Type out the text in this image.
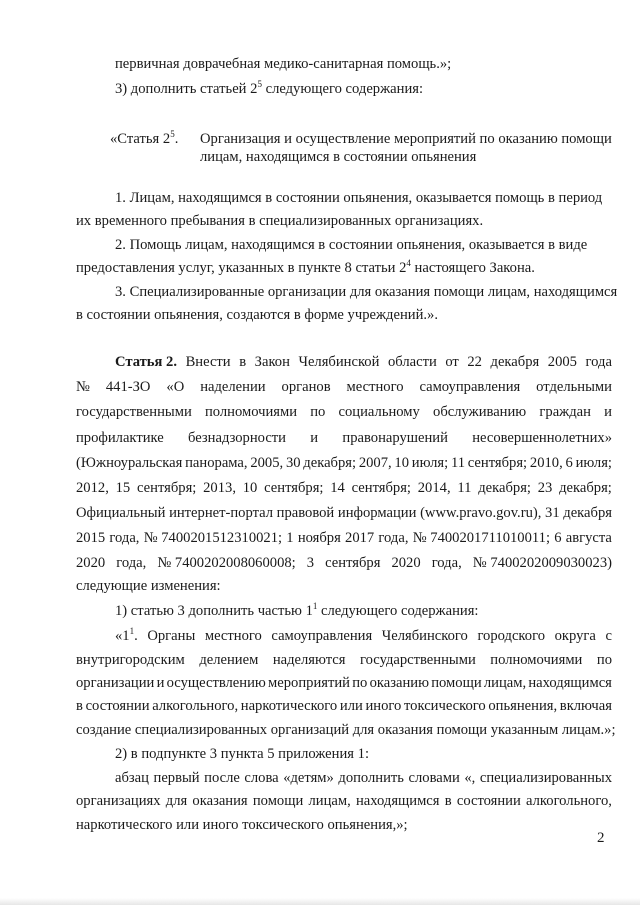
первичная доврачебная медико-санитарная помощь.»;
3) дополнить статьей $2^5$ следующего содержания:
«Статья $2^5$. Организация и осуществление мероприятий по оказанию помощи
лицам, находящимся в состоянии опьянения
1. Лицам, находящимся в состоянии опьянения, оказывается помощь в период
их временного пребывания в специализированных организациях.
2. Помощь лицам, находящимся в состоянии опьянения, оказывается в виде
предоставления услуг, указанных в пункте 8 статьи $2^4$ настоящего Закона.
3. Специализированные организации для оказания помощи лицам, находящимся
в состоянии опьянения, создаются в форме учреждений.».
Статья 2. Внести в Закон Челябинской области от 22 декабря 2005 года
№ 441-ЗО «О наделении органов местного самоуправления отдельными
государственными полномочиями по социальному обслуживанию граждан и
профилактике безнадзорности и правонарушений несовершеннолетних»
(Южноуральская панорама, 2005, 30 декабря; 2007, 10 июля; 11 сентября; 2010, 6 июля;
2012, 15 сентября; 2013, 10 сентября; 14 сентября; 2014, 11 декабря; 23 декабря;
Официальный интернет-портал правовой информации (www.pravo.gov.ru), 31 декабря
2015 года, № 7400201512310021; 1 ноября 2017 года, № 7400201711010011; 6 августа
2020 года, № 7400202008060008; 3 сентября 2020 года, № 7400202009030023)
следующие изменения:
1) статью 3 дополнить частью $1^1$ следующего содержания:
«$1^1$. Органы местного самоуправления Челябинского городского округа с
внутригородским делением наделяются государственными полномочиями по
организации и осуществлению мероприятий по оказанию помощи лицам, находящимся
в состоянии алкогольного, наркотического или иного токсического опьянения, включая
создание специализированных организаций для оказания помощи указанным лицам.»;
2) в подпункте 3 пункта 5 приложения 1:
абзац первый после слова «детям» дополнить словами «, специализированных
организациях для оказания помощи лицам, находящимся в состоянии алкогольного,
наркотического или иного токсического опьянения,»;
2
